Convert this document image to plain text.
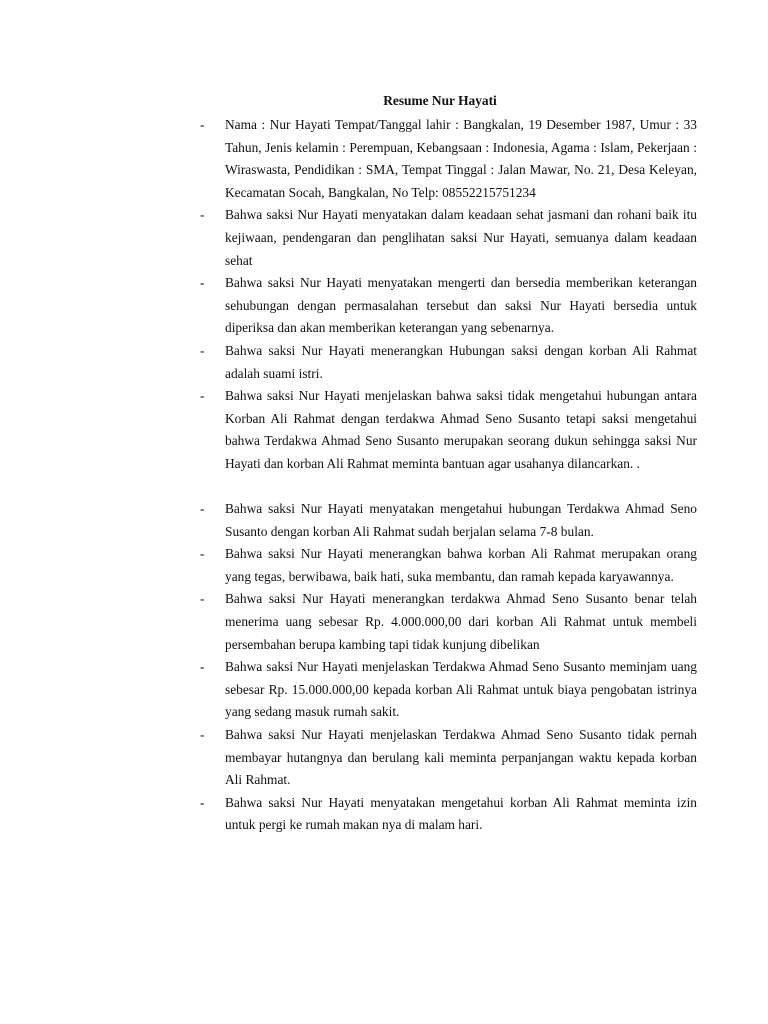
Resume Nur Hayati
- Nama : Nur Hayati Tempat/Tanggal lahir : Bangkalan, 19 Desember 1987, Umur : 33 Tahun, Jenis kelamin : Perempuan, Kebangsaan : Indonesia, Agama : Islam, Pekerjaan : Wiraswasta, Pendidikan : SMA, Tempat Tinggal : Jalan Mawar, No. 21, Desa Keleyan, Kecamatan Socah, Bangkalan, No Telp: 08552215751234
- Bahwa saksi Nur Hayati menyatakan dalam keadaan sehat jasmani dan rohani baik itu kejiwaan, pendengaran dan penglihatan saksi Nur Hayati, semuanya dalam keadaan sehat
- Bahwa saksi Nur Hayati menyatakan mengerti dan bersedia memberikan keterangan sehubungan dengan permasalahan tersebut dan saksi Nur Hayati bersedia untuk diperiksa dan akan memberikan keterangan yang sebenarnya.
- Bahwa saksi Nur Hayati menerangkan Hubungan saksi dengan korban Ali Rahmat adalah suami istri.
- Bahwa saksi Nur Hayati menjelaskan bahwa saksi tidak mengetahui hubungan antara Korban Ali Rahmat dengan terdakwa Ahmad Seno Susanto tetapi saksi mengetahui bahwa Terdakwa Ahmad Seno Susanto merupakan seorang dukun sehingga saksi Nur Hayati dan korban Ali Rahmat meminta bantuan agar usahanya dilancarkan. .
- Bahwa saksi Nur Hayati menyatakan mengetahui hubungan Terdakwa Ahmad Seno Susanto dengan korban Ali Rahmat sudah berjalan selama 7-8 bulan.
- Bahwa saksi Nur Hayati menerangkan bahwa korban Ali Rahmat merupakan orang yang tegas, berwibawa, baik hati, suka membantu, dan ramah kepada karyawannya.
- Bahwa saksi Nur Hayati menerangkan terdakwa Ahmad Seno Susanto benar telah menerima uang sebesar Rp. 4.000.000,00 dari korban Ali Rahmat untuk membeli persembahan berupa kambing tapi tidak kunjung dibelikan
- Bahwa saksi Nur Hayati menjelaskan Terdakwa Ahmad Seno Susanto meminjam uang sebesar Rp. 15.000.000,00 kepada korban Ali Rahmat untuk biaya pengobatan istrinya yang sedang masuk rumah sakit.
- Bahwa saksi Nur Hayati menjelaskan Terdakwa Ahmad Seno Susanto tidak pernah membayar hutangnya dan berulang kali meminta perpanjangan waktu kepada korban Ali Rahmat.
- Bahwa saksi Nur Hayati menyatakan mengetahui korban Ali Rahmat meminta izin untuk pergi ke rumah makan nya di malam hari.
